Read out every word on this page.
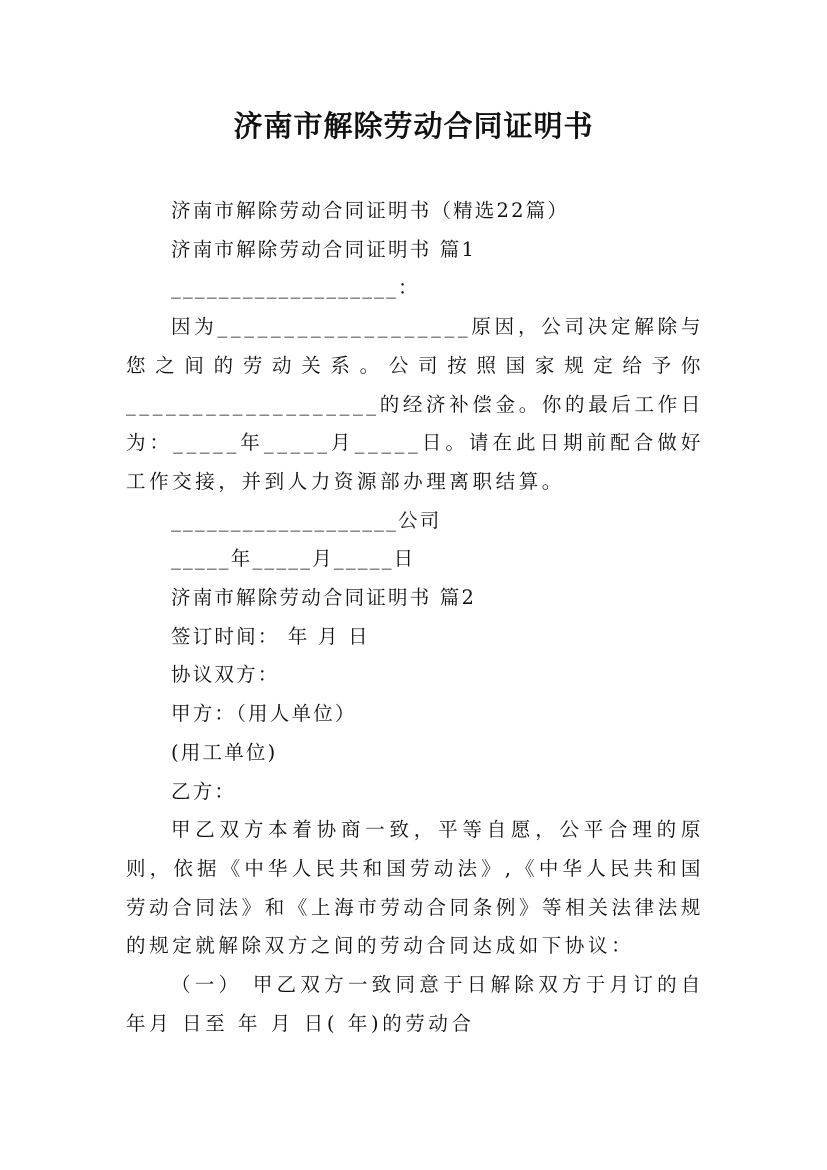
济南市解除劳动合同证明书
济南市解除劳动合同证明书（精选22篇）
济南市解除劳动合同证明书 篇1
___________________：
因为___________________原因，公司决定解除与您之间的劳动关系。公司按照国家规定给予你___________________的经济补偿金。你的最后工作日为：_____年_____月_____日。请在此日期前配合做好工作交接，并到人力资源部办理离职结算。
___________________公司
_____年_____月_____日
济南市解除劳动合同证明书 篇2
签订时间： 年 月 日
协议双方：
甲方：（用人单位）
(用工单位)
乙方：
甲乙双方本着协商一致，平等自愿，公平合理的原则，依据《中华人民共和国劳动法》,《中华人民共和国劳动合同法》和《上海市劳动合同条例》等相关法律法规的规定就解除双方之间的劳动合同达成如下协议：
（一） 甲乙双方一致同意于日解除双方于月订的自 年月 日至 年 月 日( 年)的劳动合
